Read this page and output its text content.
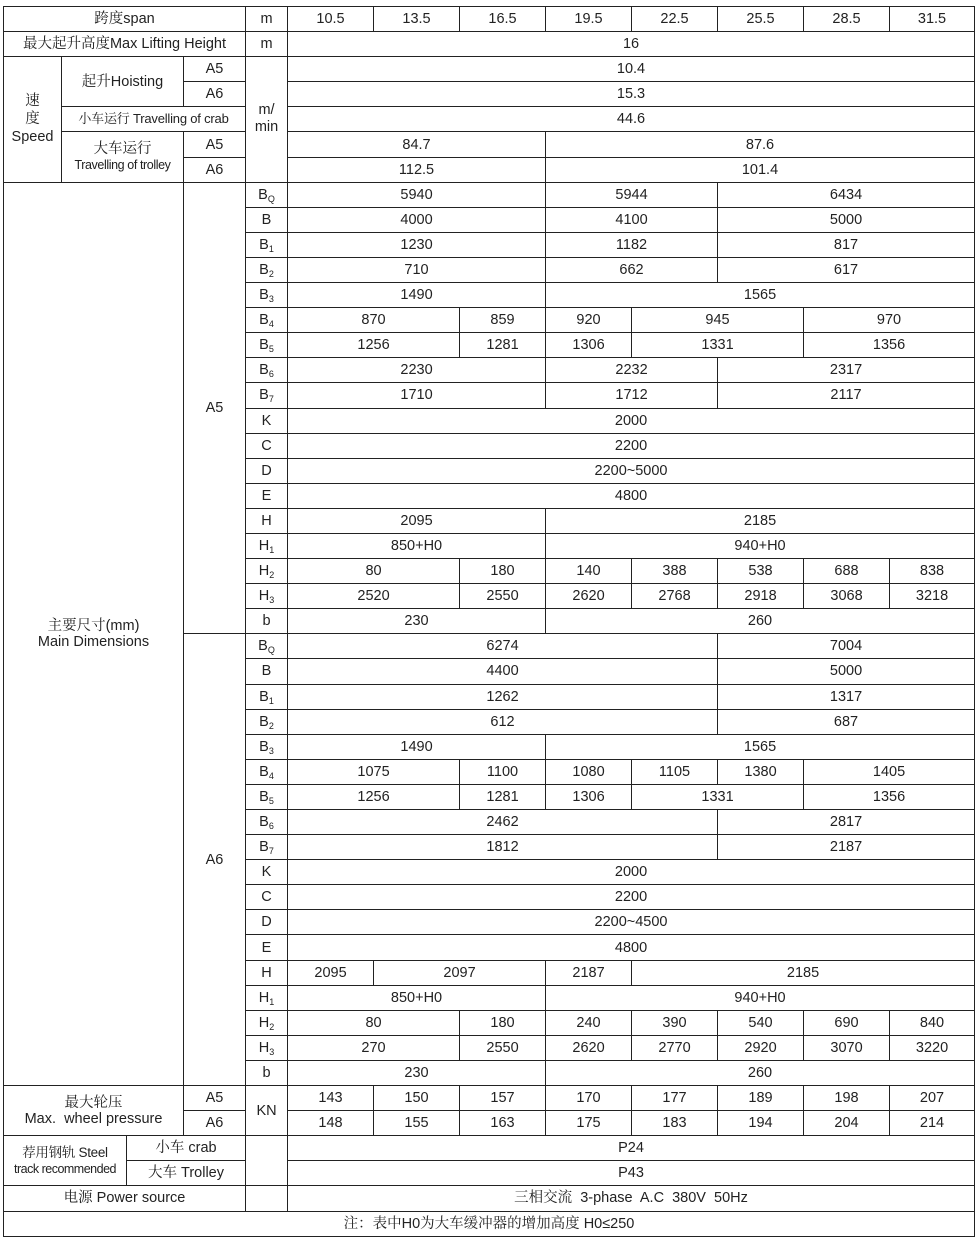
跨度span				m	10.5	13.5	16.5	19.5	22.5	25.5	28.5	31.5
最大起升高度Max Lifting Height				m	16							

速度
Speed	起升Hoisting		A5	m/ min	10.4							
			A6		15.3							
	小车运行 Travelling of crab				44.6							

	大车运行
Travelling of trolley		A5		84.7			87.6				
			A6		112.5			101.4				

主要尺寸(mm)
Main Dimensions			A5	$B_Q$	5940			5944		6434		
				B	4000			4100		5000		
				$B_1$	1230			1182		817		
				$B_2$	710			662		617		
				$B_3$	1490			1565				
				$B_4$	870		859	920	945		970	
				$B_5$	1256		1281	1306	1331		1356	
				$B_6$	2230			2232		2317		
				$B_7$	1710			1712		2117		
				K	2000							
				C	2200							
				D	2200~5000							
				E	4800							
				H	2095			2185				
				$H_1$	850+H0			940+H0				
				$H_2$	80		180	140	388	538	688	838
				$H_3$	2520		2550	2620	2768	2918	3068	3218
				b	230			260				
			A6	$B_Q$	6274					7004		
				B	4400					5000		
				$B_1$	1262					1317		
				$B_2$	612					687		
				$B_3$	1490			1565				
				$B_4$	1075		1100	1080	1105	1380	1405	
				$B_5$	1256		1281	1306	1331		1356	
				$B_6$	2462					2817		
				$B_7$	1812					2187		
				K	2000							
				C	2200							
				D	2200~4500							
				E	4800							
				H	2095	2097		2187	2185			
				$H_1$	850+H0			940+H0				
				$H_2$	80		180	240	390	540	690	840
				$H_3$	270		2550	2620	2770	2920	3070	3220
				b	230			260				

最大轮压
Max.  wheel pressure			A5	KN	143	150	157	170	177	189	198	207
			A6		148	155	163	175	183	194	204	214

荐用钢轨 Steel
track recommended		小车 crab			P24							
		大车 Trolley			P43							
电源 Power source					三相交流  3-phase  A.C  380V  50Hz							
注：表中H0为大车缓冲器的增加高度 H0≤250												
